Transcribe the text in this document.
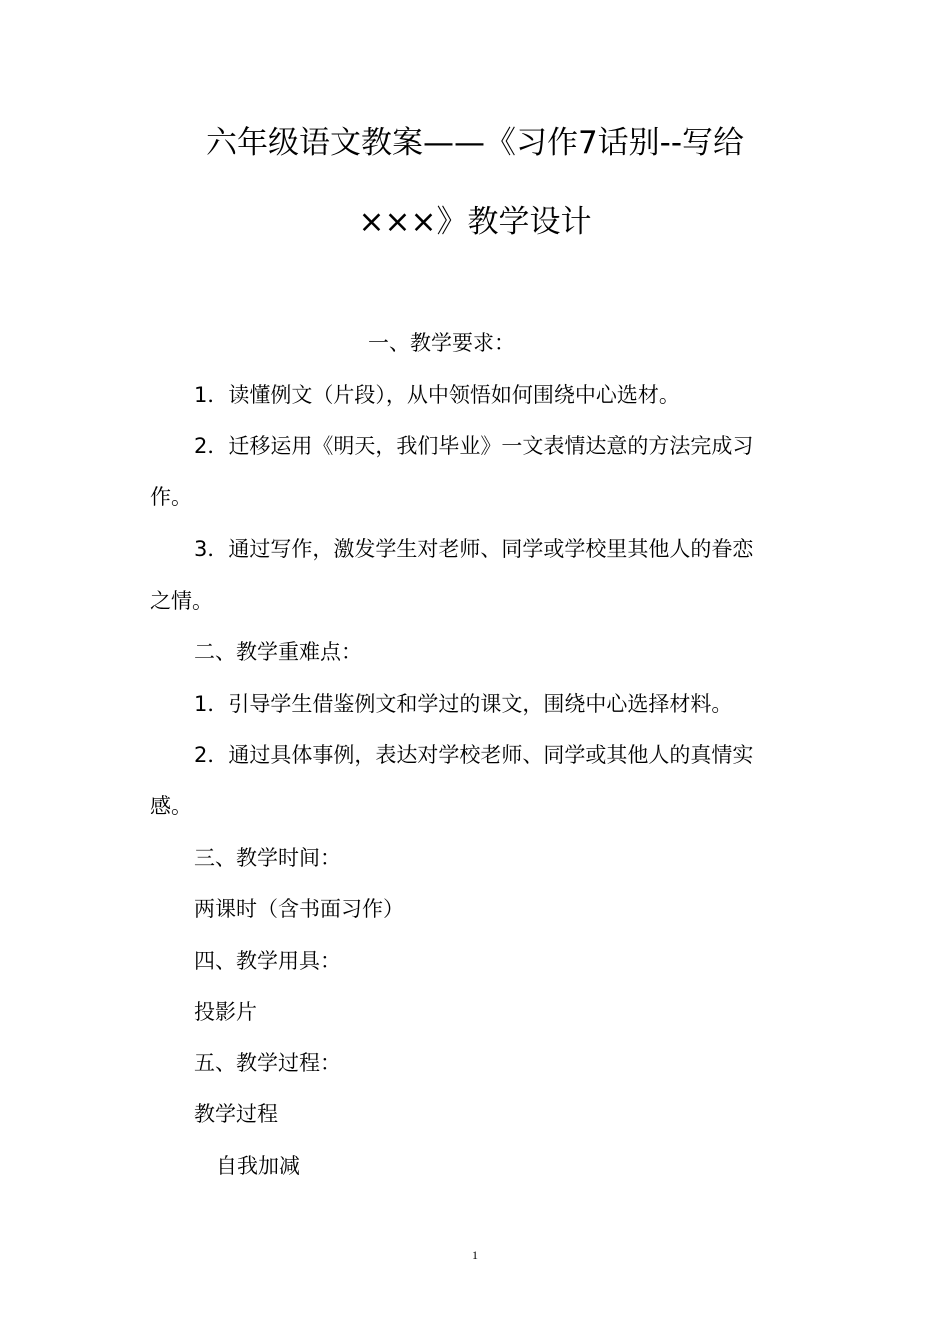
六年级语文教案——《习作7话别--写给
×××》教学设计
一、教学要求：
1．读懂例文（片段），从中领悟如何围绕中心选材。
2．迁移运用《明天，我们毕业》一文表情达意的方法完成习
作。
3．通过写作，激发学生对老师、同学或学校里其他人的眷恋
之情。
二、教学重难点：
1．引导学生借鉴例文和学过的课文，围绕中心选择材料。
2．通过具体事例，表达对学校老师、同学或其他人的真情实
感。
三、教学时间：
两课时（含书面习作）
四、教学用具：
投影片
五、教学过程：
教学过程
自我加减
1
